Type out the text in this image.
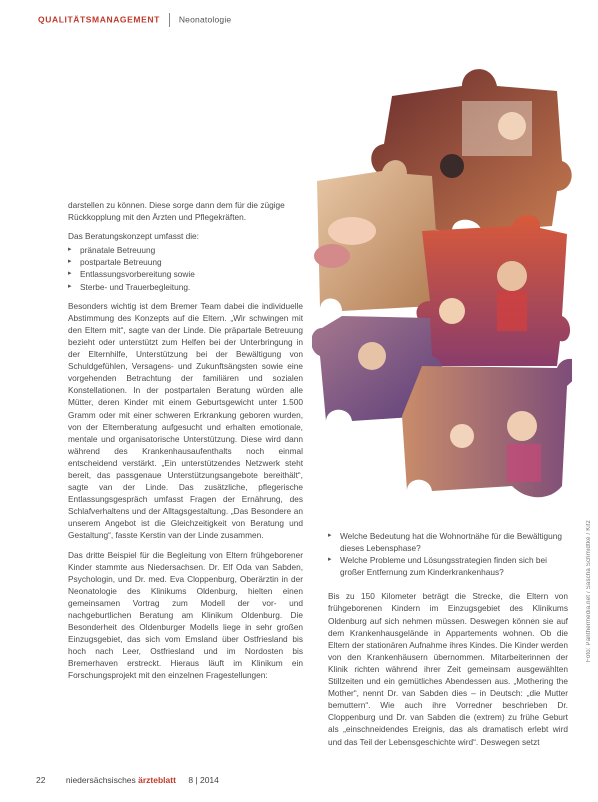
QUALITÄTSMANAGEMENT Neonatologie

darstellen zu können. Diese sorge dann dem für die zügige Rückkopplung mit den Ärzten und Pflegekräften.

Das Beratungskonzept umfasst die:

▸ pränatale Betreuung
▸ postpartale Betreuung
▸ Entlassungsvorbereitung sowie
▸ Sterbe- und Trauerbegleitung.

Besonders wichtig ist dem Bremer Team dabei die individuelle Abstimmung des Konzepts auf die Eltern. „Wir schwingen mit den Eltern mit“, sagte van der Linde. Die präpartale Betreuung bezieht oder unterstützt zum Helfen bei der Unterbringung in der Elternhilfe, Unterstützung bei der Bewältigung von Schuldgefühlen, Versagens- und Zukunftsängsten sowie eine vorgehenden Betrachtung der familiären und sozialen Konstellationen. In der postpartalen Beratung würden alle Mütter, deren Kinder mit einem Geburtsgewicht unter 1.500 Gramm oder mit einer schweren Erkrankung geboren wurden, von der Elternberatung aufgesucht und erhalten emotionale, mentale und organisatorische Unterstützung. Diese wird dann während des Krankenhausaufenthalts noch einmal entscheidend verstärkt. „Ein unterstützendes Netzwerk steht bereit, das passgenaue Unterstützungsangebote bereithält“, sagte van der Linde. Das zusätzliche, pflegerische Entlassungsgespräch umfasst Fragen der Ernährung, des Schlafverhaltens und der Alltagsgestaltung. „Das Besondere an unserem Angebot ist die Gleichzeitigkeit von Beratung und Gestaltung“, fasste Kerstin van der Linde zusammen.

Das dritte Beispiel für die Begleitung von Eltern frühgeborener Kinder stammte aus Niedersachsen. Dr. Elf Oda van Sabden, Psychologin, und Dr. med. Eva Cloppenburg, Oberärztin in der Neonatologie des Klinikums Oldenburg, hielten einen gemeinsamen Vortrag zum Modell der vor- und nachgeburtlichen Beratung am Klinikum Oldenburg. Die Besonderheit des Oldenburger Modells liege in sehr großen Einzugsgebiet, das sich vom Emsland über Ostfriesland bis hoch nach Leer, Ostfriesland und im Nordosten bis Bremerhaven erstreckt. Hieraus läuft im Klinikum ein Forschungsprojekt mit den einzelnen Fragestellungen:

▸ Welche Bedeutung hat die Wohnortnähe für die Bewältigung dieses Lebensphase?
▸ Welche Probleme und Lösungsstrategien finden sich bei großer Entfernung zum Kinderkrankenhaus?

Bis zu 150 Kilometer beträgt die Strecke, die Eltern von frühgeborenen Kindern im Einzugsgebiet des Klinikums Oldenburg auf sich nehmen müssen. Deswegen können sie auf dem Krankenhausgelände in Appartements wohnen. Ob die Eltern der stationären Aufnahme ihres Kindes. Die Kinder werden von den Krankenhäusern übernommen. Mitarbeiterinnen der Klinik richten während ihrer Zeit gemeinsam ausgewählten Stillzeiten und ein gemütliches Abendessen aus. „Mothering the Mother“, nennt Dr. van Sabden dies – in Deutsch: „die Mutter bemuttern“. Wie auch ihre Vorredner beschrieben Dr. Cloppenburg und Dr. van Sabden die (extrem) zu frühe Geburt als „einschneidendes Ereignis, das als dramatisch erlebt wird und das Teil der Lebensgeschichte wird“. Deswegen setzt

Foto: Panthermedia.net / Sascha Schmidtke / Kitz
22 niedersächsisches ärzteblatt 8 | 2014
